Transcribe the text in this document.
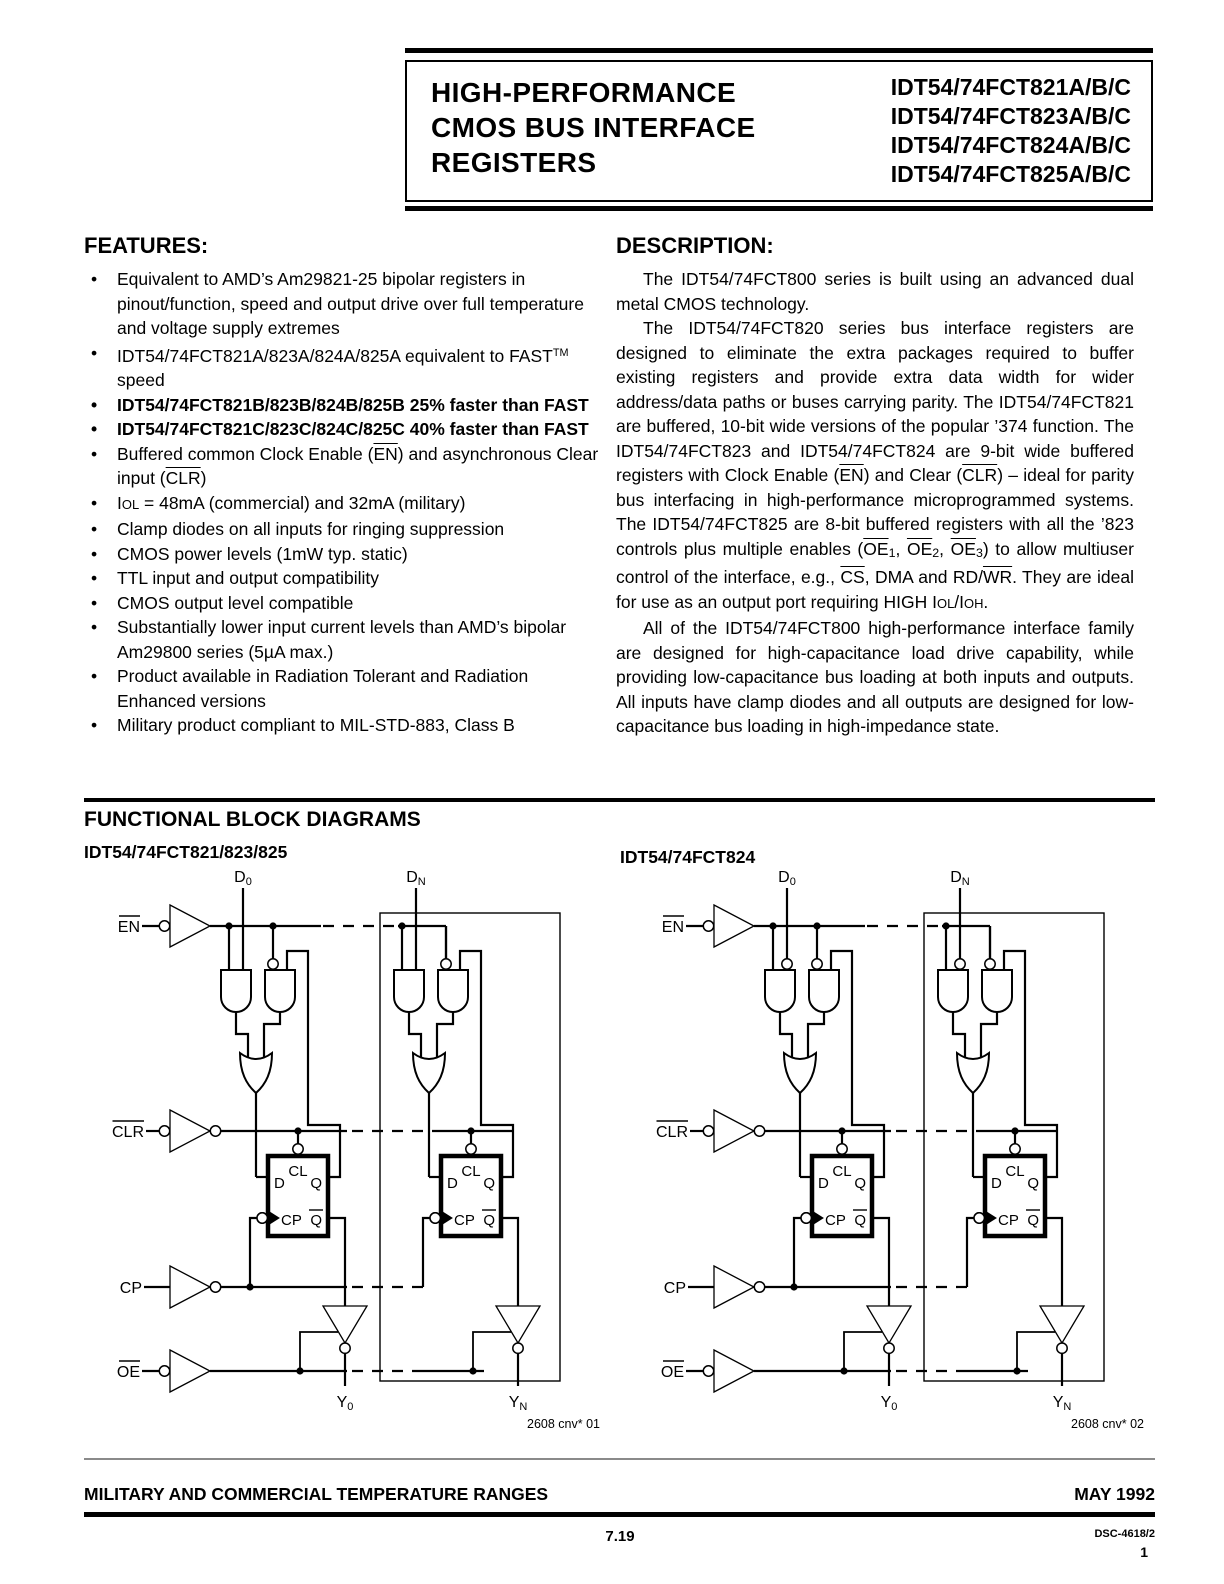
HIGH-PERFORMANCE
CMOS BUS INTERFACE
REGISTERS
IDT54/74FCT821A/B/C
IDT54/74FCT823A/B/C
IDT54/74FCT824A/B/C
IDT54/74FCT825A/B/C
FEATURES:
• Equivalent to AMD’s Am29821-25 bipolar registers in pinout/function, speed and output drive over full temperature and voltage supply extremes
• IDT54/74FCT821A/823A/824A/825A equivalent to FAST™ speed
• IDT54/74FCT821B/823B/824B/825B 25% faster than FAST
• IDT54/74FCT821C/823C/824C/825C 40% faster than FAST
• Buffered common Clock Enable $(\overline{EN})$ and asynchronous Clear input $(\overline{CLR})$
• IOL = 48mA (commercial) and 32mA (military)
• Clamp diodes on all inputs for ringing suppression
• CMOS power levels (1mW typ. static)
• TTL input and output compatibility
• CMOS output level compatible
• Substantially lower input current levels than AMD’s bipolar Am29800 series (5µA max.)
• Product available in Radiation Tolerant and Radiation Enhanced versions
• Military product compliant to MIL-STD-883, Class B
DESCRIPTION:

The IDT54/74FCT800 series is built using an advanced dual metal CMOS technology.

The IDT54/74FCT820 series bus interface registers are designed to eliminate the extra packages required to buffer existing registers and provide extra data width for wider address/data paths or buses carrying parity. The IDT54/74FCT821 are buffered, 10-bit wide versions of the popular ’374 function. The IDT54/74FCT823 and IDT54/74FCT824 are 9-bit wide buffered registers with Clock Enable $(\overline{EN})$ and Clear $(\overline{CLR})$ – ideal for parity bus interfacing in high-performance microprogrammed systems. The IDT54/74FCT825 are 8-bit buffered registers with all the ’823 controls plus multiple enables ($\overline{OE}1$, $\overline{OE}2$, $\overline{OE}3$) to allow multiuser control of the interface, e.g., $\overline{CS}$, DMA and $RD/\overline{WR}$. They are ideal for use as an output port requiring HIGH IOL/IOH.

All of the IDT54/74FCT800 high-performance interface family are designed for high-capacitance load drive capability, while providing low-capacitance bus loading at both inputs and outputs. All inputs have clamp diodes and all outputs are designed for low-capacitance bus loading in high-impedance state.

FUNCTIONAL BLOCK DIAGRAMS
IDT54/74FCT821/823/825	IDT54/74FCT824
EN
CLR
CP
OE
D0
D
CL
Q
CP Q
Y0
DN
D
CL
Q
CP Q
YN
2608 cnv* 01
EN
CLR
CP
OE
D0
D
CL
Q
CP Q
Y0
DN
D
CL
Q
CP Q
YN
2608 cnv* 02
MILITARY AND COMMERCIAL TEMPERATURE RANGES	MAY 1992
7.19	DSC-4618/2
1
